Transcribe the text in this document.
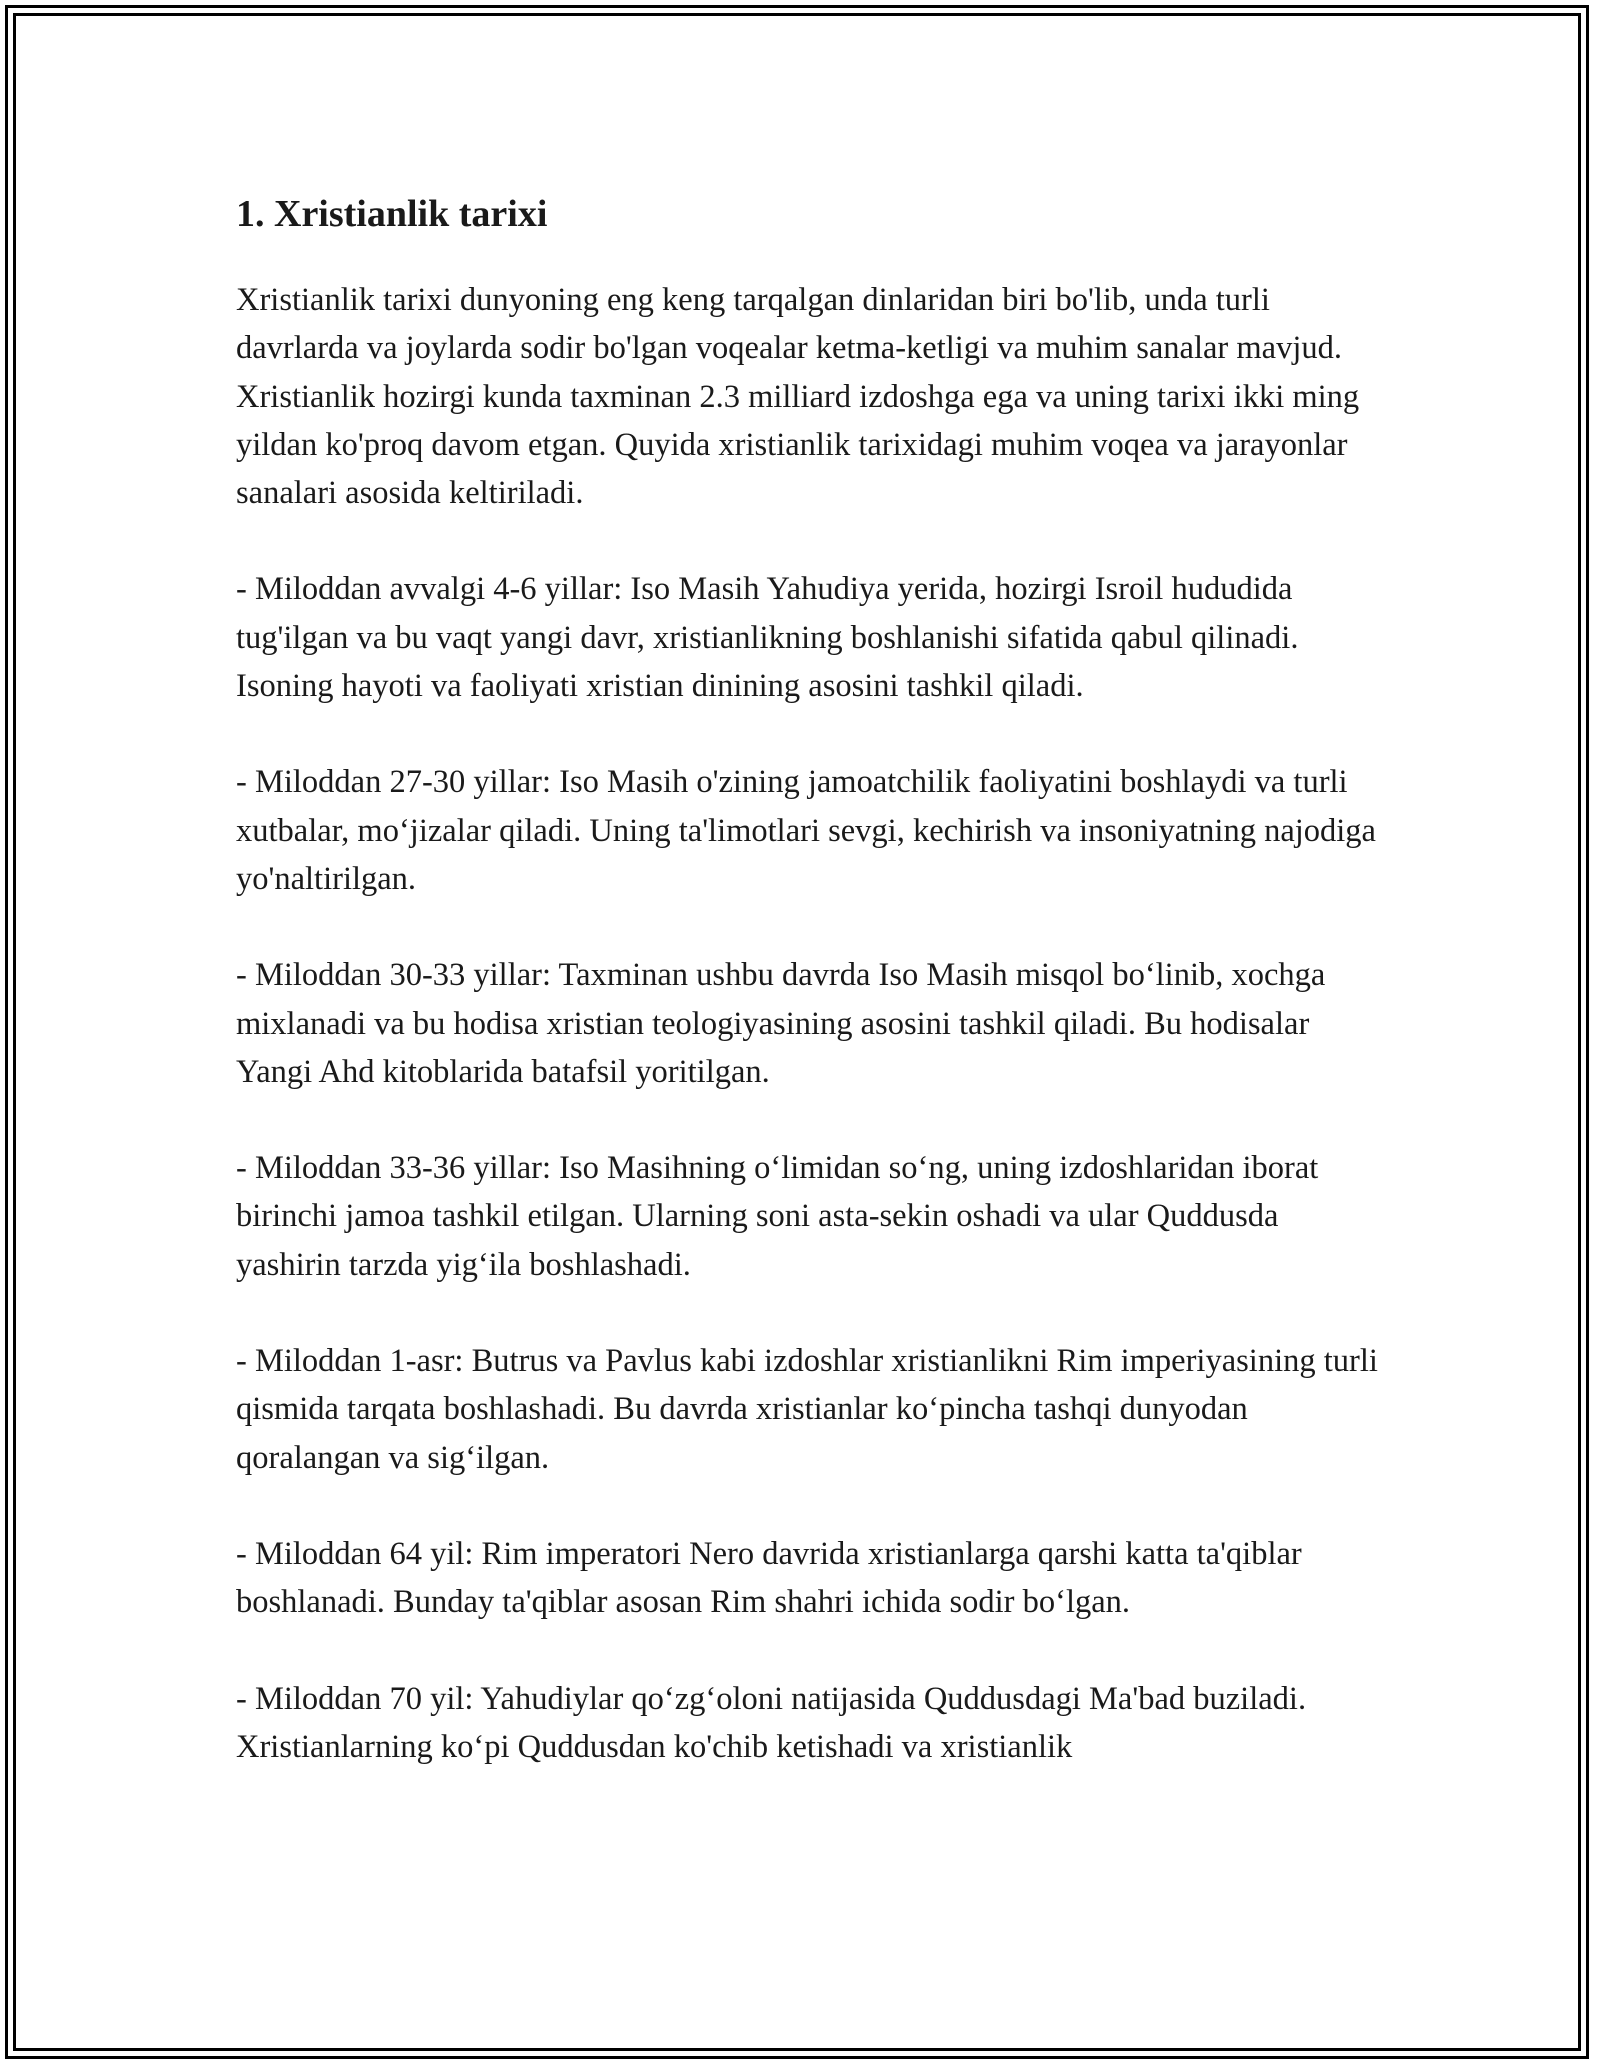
1. Xristianlik tarixi

Xristianlik tarixi dunyoning eng keng tarqalgan dinlaridan biri bo'lib, unda turli davrlarda va joylarda sodir bo'lgan voqealar ketma-ketligi va muhim sanalar mavjud. Xristianlik hozirgi kunda taxminan 2.3 milliard izdoshga ega va uning tarixi ikki ming yildan ko'proq davom etgan. Quyida xristianlik tarixidagi muhim voqea va jarayonlar sanalari asosida keltiriladi.

- Miloddan avvalgi 4-6 yillar: Iso Masih Yahudiya yerida, hozirgi Isroil hududida tug'ilgan va bu vaqt yangi davr, xristianlikning boshlanishi sifatida qabul qilinadi. Isoning hayoti va faoliyati xristian dinining asosini tashkil qiladi.

- Miloddan 27-30 yillar: Iso Masih o'zining jamoatchilik faoliyatini boshlaydi va turli xutbalar, mo‘jizalar qiladi. Uning ta'limotlari sevgi, kechirish va insoniyatning najodiga yo'naltirilgan.

- Miloddan 30-33 yillar: Taxminan ushbu davrda Iso Masih misqol bo‘linib, xochga mixlanadi va bu hodisa xristian teologiyasining asosini tashkil qiladi. Bu hodisalar Yangi Ahd kitoblarida batafsil yoritilgan.

- Miloddan 33-36 yillar: Iso Masihning o‘limidan so‘ng, uning izdoshlaridan iborat birinchi jamoa tashkil etilgan. Ularning soni asta-sekin oshadi va ular Quddusda yashirin tarzda yig‘ila boshlashadi.

- Miloddan 1-asr: Butrus va Pavlus kabi izdoshlar xristianlikni Rim imperiyasining turli qismida tarqata boshlashadi. Bu davrda xristianlar ko‘pincha tashqi dunyodan qoralangan va sig‘ilgan.

- Miloddan 64 yil: Rim imperatori Nero davrida xristianlarga qarshi katta ta'qiblar boshlanadi. Bunday ta'qiblar asosan Rim shahri ichida sodir bo‘lgan.

- Miloddan 70 yil: Yahudiylar qo‘zg‘oloni natijasida Quddusdagi Ma'bad buziladi. Xristianlarning ko‘pi Quddusdan ko'chib ketishadi va xristianlik
